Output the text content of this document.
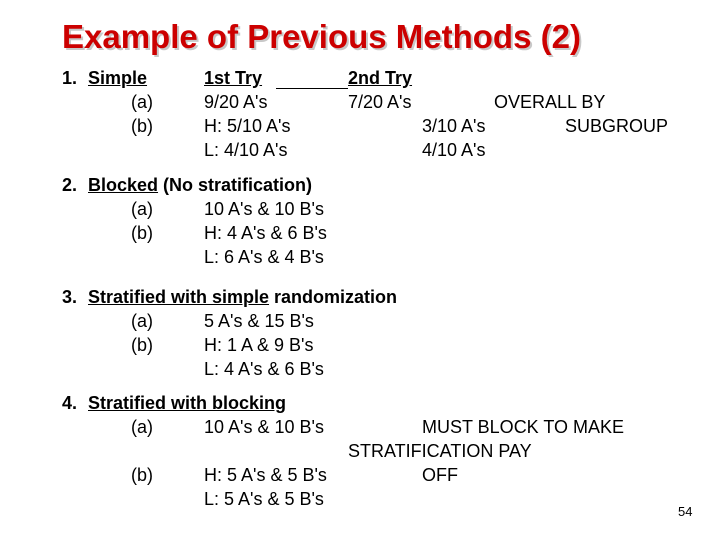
Example of Previous Methods (2)
1. Simple	1st Try	2nd Try
(a)	9/20 A's	7/20 A's	OVERALL BY
(b)	H: 5/10 A's	3/10 A's	SUBGROUP
L: 4/10 A's	4/10 A's
2. Blocked (No stratification)
(a)	10 A's & 10 B's
(b)	H: 4 A's & 6 B's
L: 6 A's & 4 B's
3. Stratified with simple randomization
(a)	5 A's & 15 B's
(b)	H: 1 A & 9 B's
L: 4 A's & 6 B's
4. Stratified with blocking
(a)	10 A's & 10 B's	MUST BLOCK TO MAKE
STRATIFICATION PAY
(b)	H: 5 A's & 5 B's	OFF
L: 5 A's & 5 B's
54
